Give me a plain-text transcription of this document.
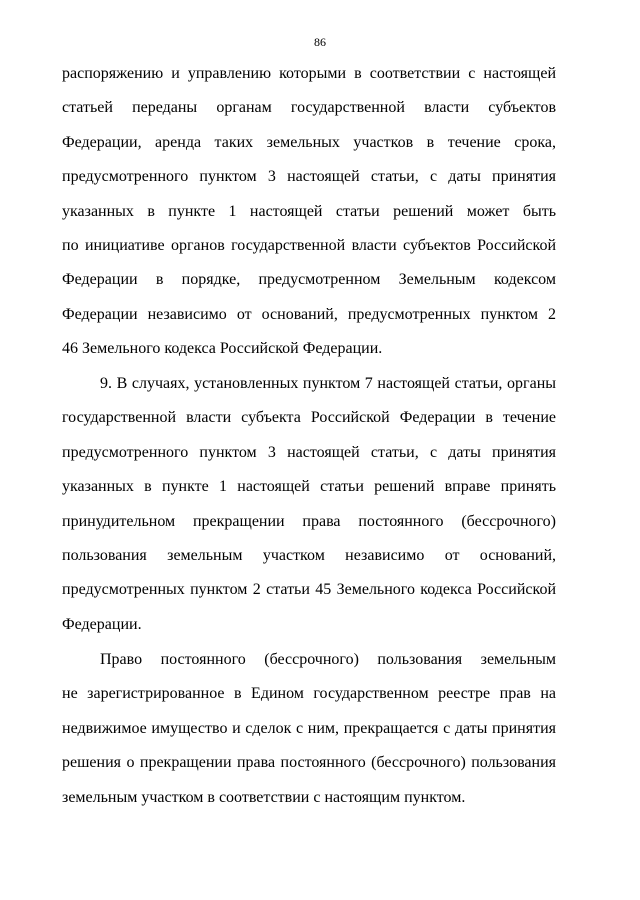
86
распоряжению и управлению которыми в соответствии с настоящей
статьей переданы органам государственной власти субъектов
Федерации, аренда таких земельных участков в течение срока,
предусмотренного пунктом 3 настоящей статьи, с даты принятия
указанных в пункте 1 настоящей статьи решений может быть
по инициативе органов государственной власти субъектов Российской
Федерации в порядке, предусмотренном Земельным кодексом
Федерации независимо от оснований, предусмотренных пунктом 2
46 Земельного кодекса Российской Федерации.
9. В случаях, установленных пунктом 7 настоящей статьи, органы
государственной власти субъекта Российской Федерации в течение
предусмотренного пунктом 3 настоящей статьи, с даты принятия
указанных в пункте 1 настоящей статьи решений вправе принять
принудительном прекращении права постоянного (бессрочного)
пользования земельным участком независимо от оснований,
предусмотренных пунктом 2 статьи 45 Земельного кодекса Российской
Федерации.
Право постоянного (бессрочного) пользования земельным
не зарегистрированное в Едином государственном реестре прав на
недвижимое имущество и сделок с ним, прекращается с даты принятия
решения о прекращении права постоянного (бессрочного) пользования
земельным участком в соответствии с настоящим пунктом.
